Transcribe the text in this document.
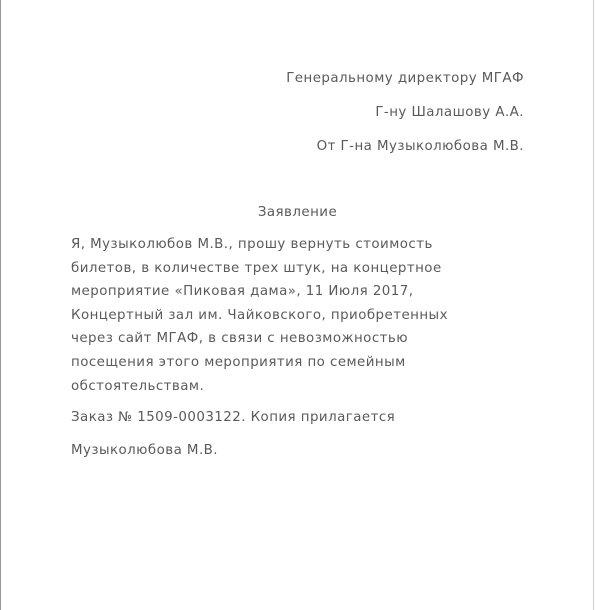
Генеральному директору МГАФ
Г-ну Шалашову А.А.
От Г-на Музыколюбова М.В.
Заявление
Я, Музыколюбов М.В., прошу вернуть стоимость
билетов, в количестве трех штук, на концертное
мероприятие «Пиковая дама», 11 Июля 2017,
Концертный зал им. Чайковского, приобретенных
через сайт МГАФ, в связи с невозможностью
посещения этого мероприятия по семейным
обстоятельствам.
Заказ № 1509-0003122. Копия прилагается
Музыколюбова М.В.
